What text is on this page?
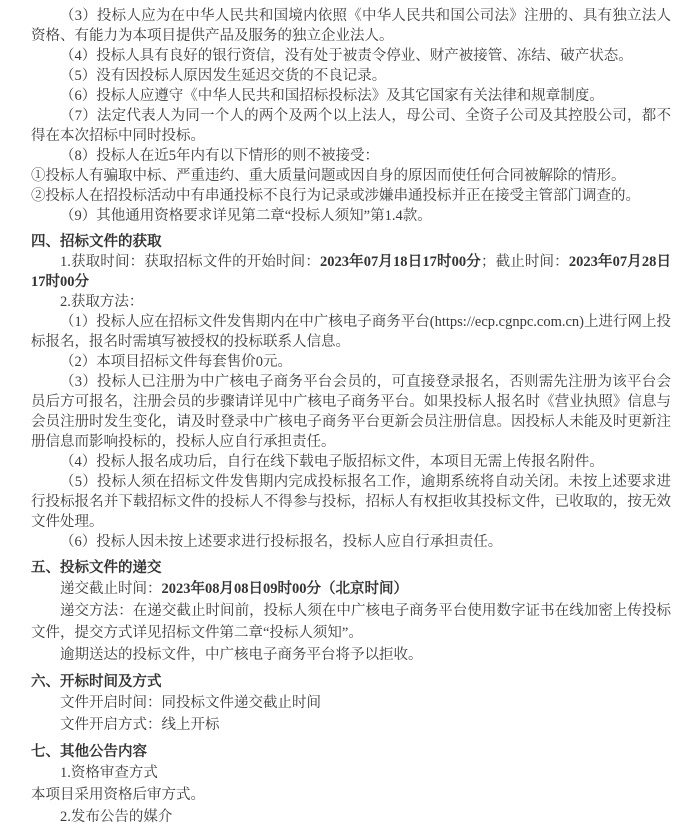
（3）投标人应为在中华人民共和国境内依照《中华人民共和国公司法》注册的、具有独立法人资格、有能力为本项目提供产品及服务的独立企业法人。

（4）投标人具有良好的银行资信，没有处于被责令停业、财产被接管、冻结、破产状态。

（5）没有因投标人原因发生延迟交货的不良记录。

（6）投标人应遵守《中华人民共和国招标投标法》及其它国家有关法律和规章制度。

（7）法定代表人为同一个人的两个及两个以上法人，母公司、全资子公司及其控股公司，都不得在本次招标中同时投标。

（8）投标人在近5年内有以下情形的则不被接受：

①投标人有骗取中标、严重违约、重大质量问题或因自身的原因而使任何合同被解除的情形。

②投标人在招投标活动中有串通投标不良行为记录或涉嫌串通投标并正在接受主管部门调查的。

（9）其他通用资格要求详见第二章“投标人须知”第1.4款。

四、招标文件的获取

1.获取时间：获取招标文件的开始时间：2023年07月18日17时00分；截止时间：2023年07月28日17时00分

2.获取方法：

（1）投标人应在招标文件发售期内在中广核电子商务平台(https://ecp.cgnpc.com.cn)上进行网上投标报名，报名时需填写被授权的投标联系人信息。

（2）本项目招标文件每套售价0元。

（3）投标人已注册为中广核电子商务平台会员的，可直接登录报名，否则需先注册为该平台会员后方可报名，注册会员的步骤请详见中广核电子商务平台。如果投标人报名时《营业执照》信息与会员注册时发生变化，请及时登录中广核电子商务平台更新会员注册信息。因投标人未能及时更新注册信息而影响投标的，投标人应自行承担责任。

（4）投标人报名成功后，自行在线下载电子版招标文件，本项目无需上传报名附件。

（5）投标人须在招标文件发售期内完成投标报名工作，逾期系统将自动关闭。未按上述要求进行投标报名并下载招标文件的投标人不得参与投标，招标人有权拒收其投标文件，已收取的，按无效文件处理。

（6）投标人因未按上述要求进行投标报名，投标人应自行承担责任。

五、投标文件的递交

递交截止时间：2023年08月08日09时00分（北京时间）

递交方法：在递交截止时间前，投标人须在中广核电子商务平台使用数字证书在线加密上传投标文件，提交方式详见招标文件第二章“投标人须知”。

逾期送达的投标文件，中广核电子商务平台将予以拒收。

六、开标时间及方式

文件开启时间：同投标文件递交截止时间

文件开启方式：线上开标

七、其他公告内容

1.资格审查方式

本项目采用资格后审方式。

2.发布公告的媒介
